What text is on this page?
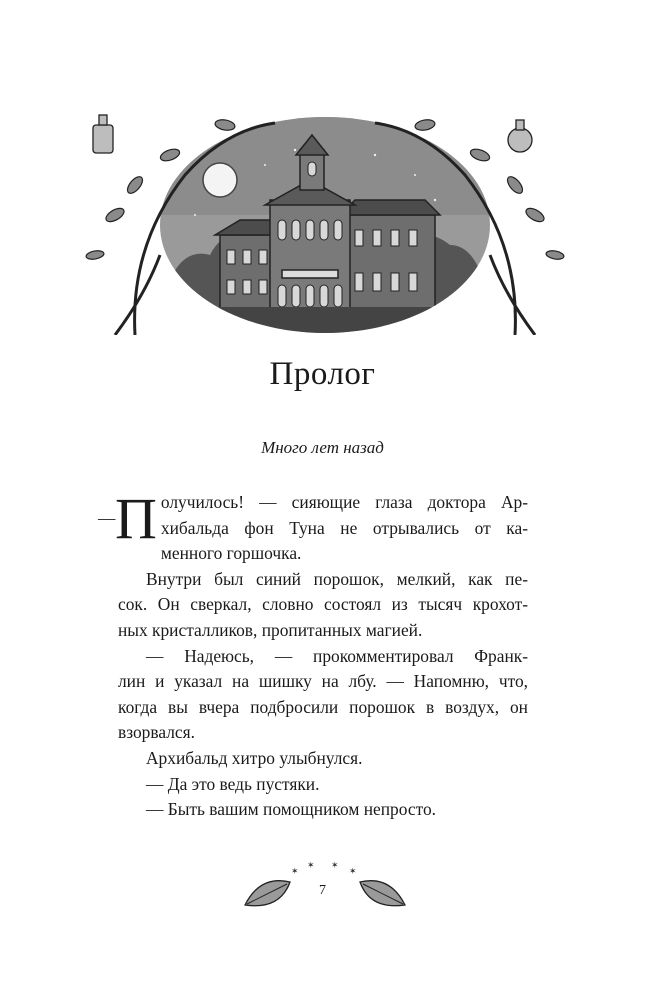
Пролог
Много лет назад
— П олучилось! — сияющие глаза доктора Ар-
хибальда фон Туна не отрывались от ка-
менного горшочка.
Внутри был синий порошок, мелкий, как пе-
сок. Он сверкал, словно состоял из тысяч крохот-
ных кристалликов, пропитанных магией.
— Надеюсь, — прокомментировал Франк-
лин и указал на шишку на лбу. — Напомню, что,
когда вы вчера подбросили порошок в воздух, он
взорвался.
Архибальд хитро улыбнулся.
— Да это ведь пустяки.
— Быть вашим помощником непросто.
✶
✶ ✶
✶
7
